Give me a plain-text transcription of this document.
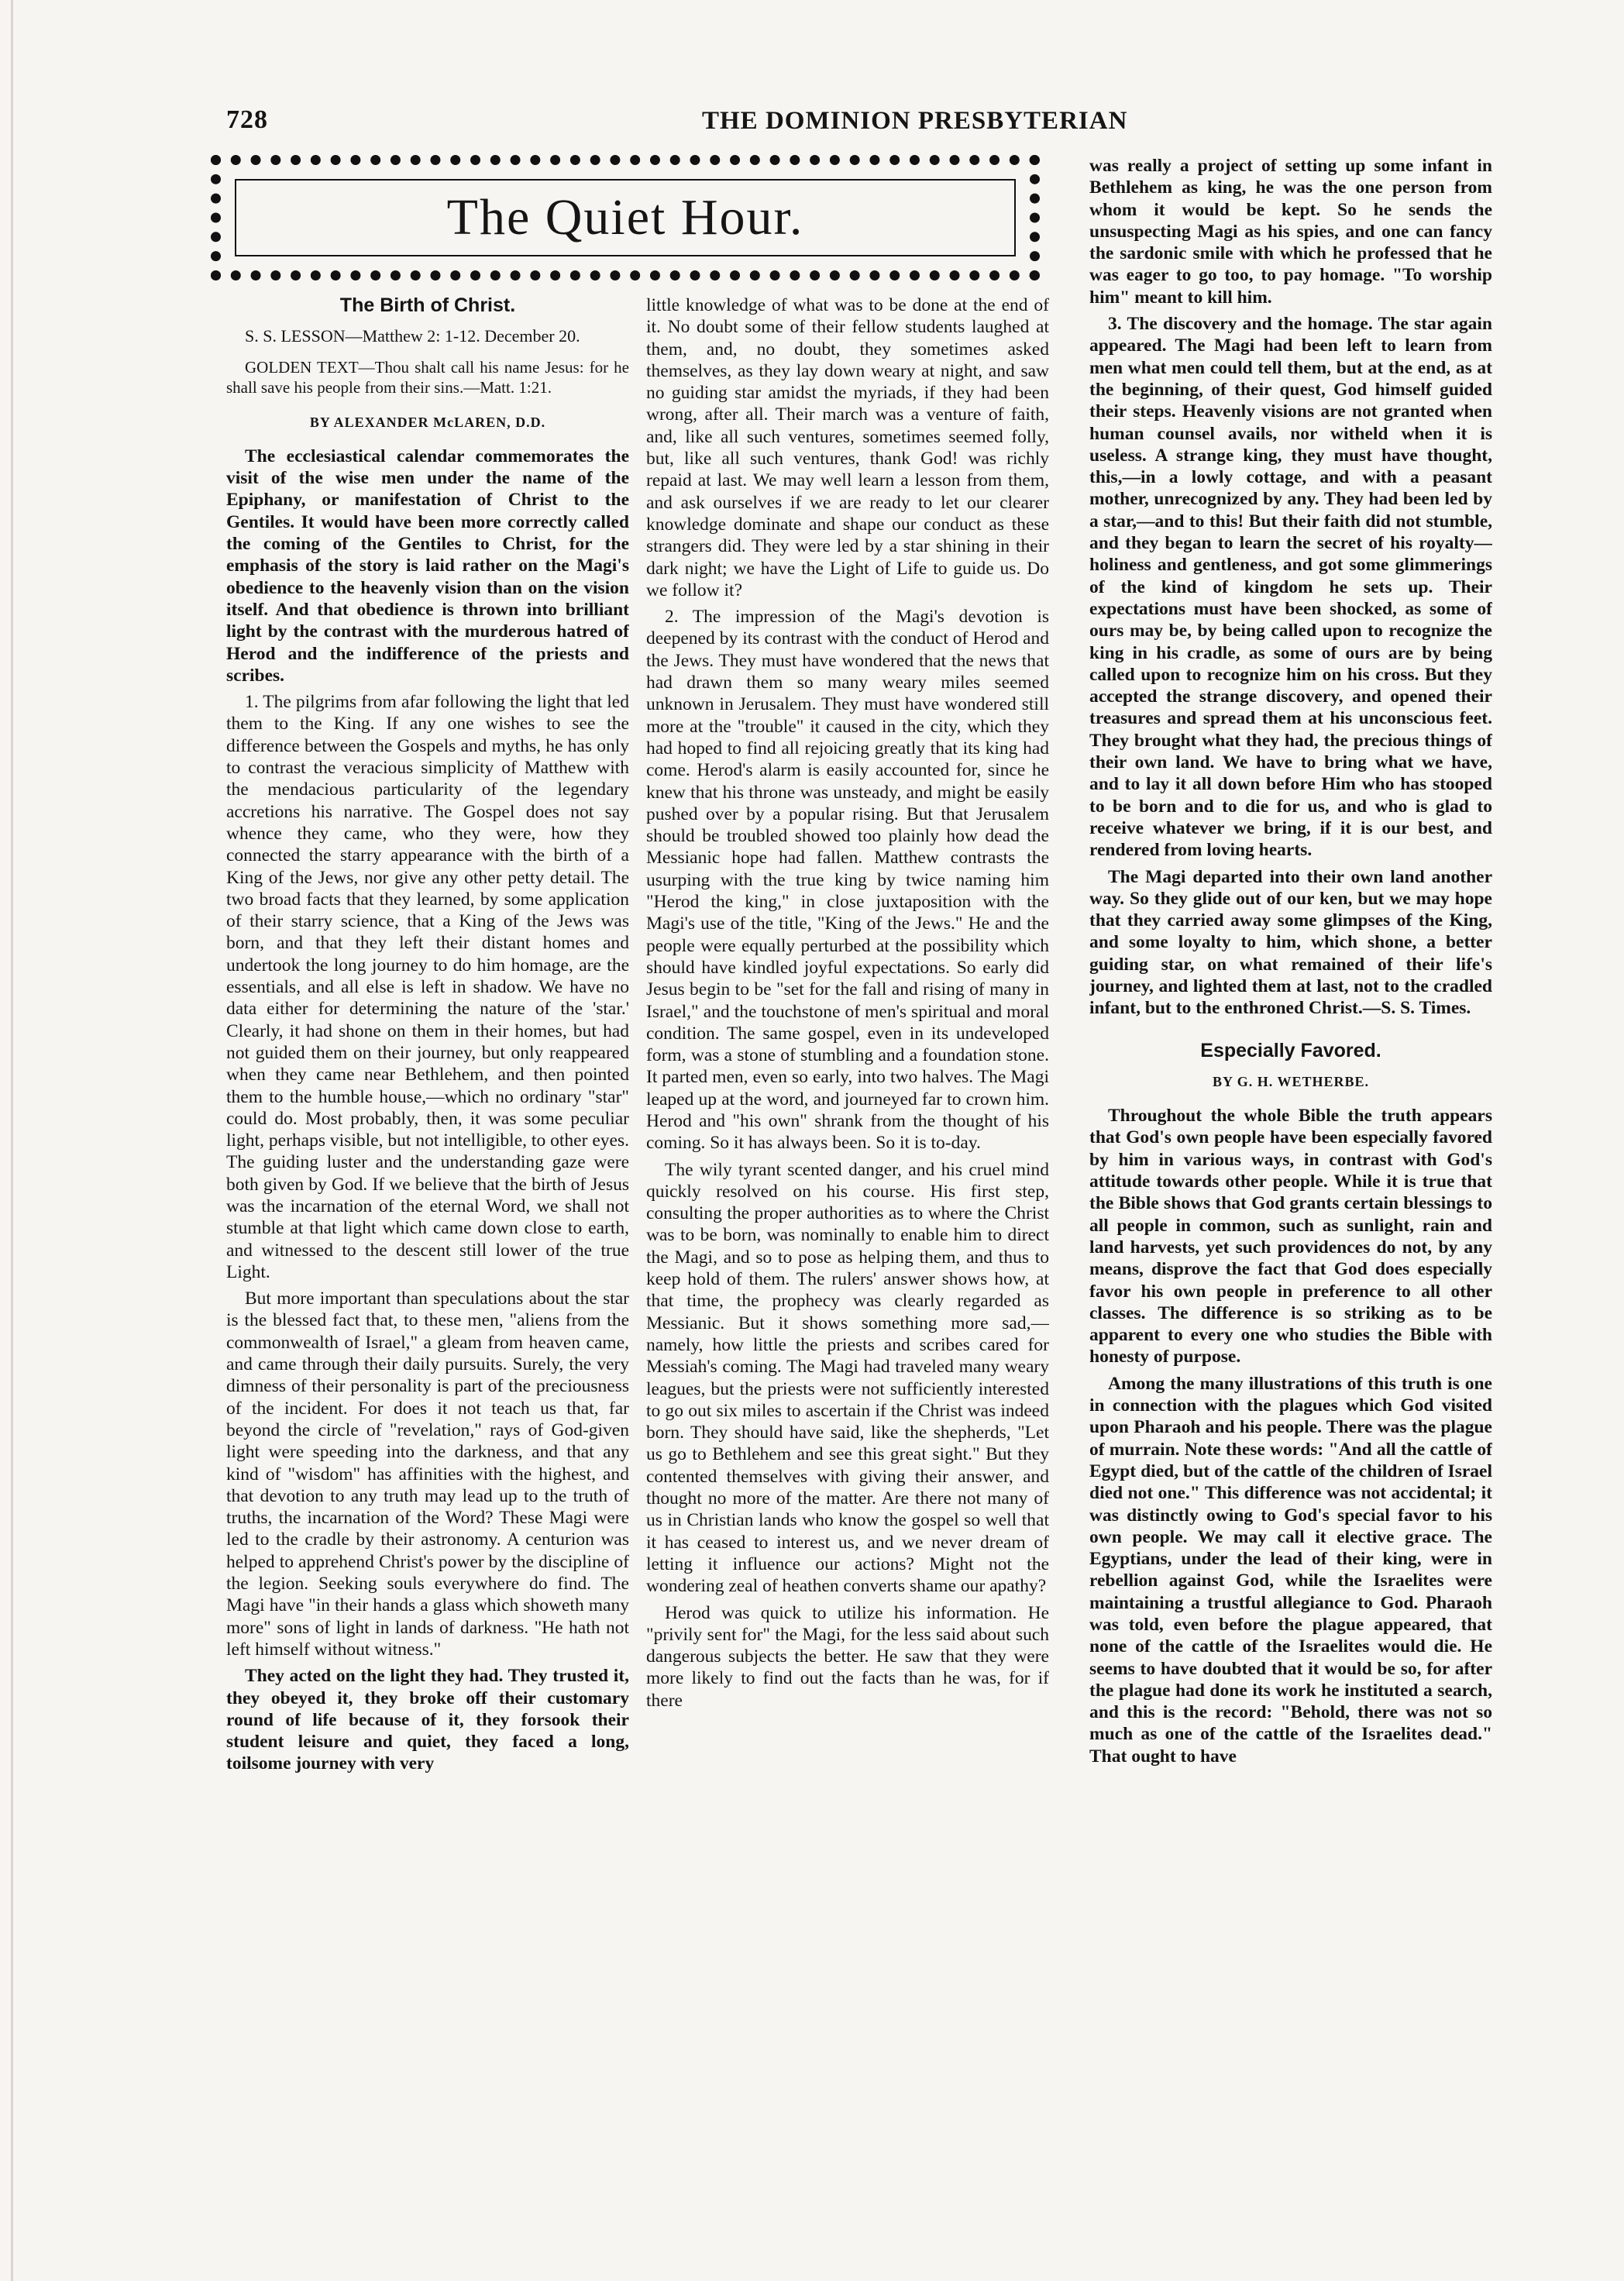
728	THE DOMINION PRESBYTERIAN
The Quiet Hour.
The Birth of Christ.

S. S. LESSON—Matthew 2: 1-12. December 20.

GOLDEN TEXT—Thou shalt call his name Jesus: for he shall save his people from their sins.—Matt. 1:21.

BY ALEXANDER McLAREN, D.D.

The ecclesiastical calendar commemorates the visit of the wise men under the name of the Epiphany, or manifestation of Christ to the Gentiles. It would have been more correctly called the coming of the Gentiles to Christ, for the emphasis of the story is laid rather on the Magi's obedience to the heavenly vision than on the vision itself. And that obedience is thrown into brilliant light by the contrast with the murderous hatred of Herod and the indifference of the priests and scribes.

1. The pilgrims from afar following the light that led them to the King. If any one wishes to see the difference between the Gospels and myths, he has only to contrast the veracious simplicity of Matthew with the mendacious particularity of the legendary accretions his narrative. The Gospel does not say whence they came, who they were, how they connected the starry appearance with the birth of a King of the Jews, nor give any other petty detail. The two broad facts that they learned, by some application of their starry science, that a King of the Jews was born, and that they left their distant homes and undertook the long journey to do him homage, are the essentials, and all else is left in shadow. We have no data either for determining the nature of the 'star.' Clearly, it had shone on them in their homes, but had not guided them on their journey, but only reappeared when they came near Bethlehem, and then pointed them to the humble house,—which no ordinary "star" could do. Most probably, then, it was some peculiar light, perhaps visible, but not intelligible, to other eyes. The guiding luster and the understanding gaze were both given by God. If we believe that the birth of Jesus was the incarnation of the eternal Word, we shall not stumble at that light which came down close to earth, and witnessed to the descent still lower of the true Light.

But more important than speculations about the star is the blessed fact that, to these men, "aliens from the commonwealth of Israel," a gleam from heaven came, and came through their daily pursuits. Surely, the very dimness of their personality is part of the preciousness of the incident. For does it not teach us that, far beyond the circle of "revelation," rays of God-given light were speeding into the darkness, and that any kind of "wisdom" has affinities with the highest, and that devotion to any truth may lead up to the truth of truths, the incarnation of the Word? These Magi were led to the cradle by their astronomy. A centurion was helped to apprehend Christ's power by the discipline of the legion. Seeking souls everywhere do find. The Magi have "in their hands a glass which showeth many more" sons of light in lands of darkness. "He hath not left himself without witness."

They acted on the light they had. They trusted it, they obeyed it, they broke off their customary round of life because of it, they forsook their student leisure and quiet, they faced a long, toilsome journey with very

little knowledge of what was to be done at the end of it. No doubt some of their fellow students laughed at them, and, no doubt, they sometimes asked themselves, as they lay down weary at night, and saw no guiding star amidst the myriads, if they had been wrong, after all. Their march was a venture of faith, and, like all such ventures, sometimes seemed folly, but, like all such ventures, thank God! was richly repaid at last. We may well learn a lesson from them, and ask ourselves if we are ready to let our clearer knowledge dominate and shape our conduct as these strangers did. They were led by a star shining in their dark night; we have the Light of Life to guide us. Do we follow it?

2. The impression of the Magi's devotion is deepened by its contrast with the conduct of Herod and the Jews. They must have wondered that the news that had drawn them so many weary miles seemed unknown in Jerusalem. They must have wondered still more at the "trouble" it caused in the city, which they had hoped to find all rejoicing greatly that its king had come. Herod's alarm is easily accounted for, since he knew that his throne was unsteady, and might be easily pushed over by a popular rising. But that Jerusalem should be troubled showed too plainly how dead the Messianic hope had fallen. Matthew contrasts the usurping with the true king by twice naming him "Herod the king," in close juxtaposition with the Magi's use of the title, "King of the Jews." He and the people were equally perturbed at the possibility which should have kindled joyful expectations. So early did Jesus begin to be "set for the fall and rising of many in Israel," and the touchstone of men's spiritual and moral condition. The same gospel, even in its undeveloped form, was a stone of stumbling and a foundation stone. It parted men, even so early, into two halves. The Magi leaped up at the word, and journeyed far to crown him. Herod and "his own" shrank from the thought of his coming. So it has always been. So it is to-day.

The wily tyrant scented danger, and his cruel mind quickly resolved on his course. His first step, consulting the proper authorities as to where the Christ was to be born, was nominally to enable him to direct the Magi, and so to pose as helping them, and thus to keep hold of them. The rulers' answer shows how, at that time, the prophecy was clearly regarded as Messianic. But it shows something more sad,—namely, how little the priests and scribes cared for Messiah's coming. The Magi had traveled many weary leagues, but the priests were not sufficiently interested to go out six miles to ascertain if the Christ was indeed born. They should have said, like the shepherds, "Let us go to Bethlehem and see this great sight." But they contented themselves with giving their answer, and thought no more of the matter. Are there not many of us in Christian lands who know the gospel so well that it has ceased to interest us, and we never dream of letting it influence our actions? Might not the wondering zeal of heathen converts shame our apathy?

Herod was quick to utilize his information. He "privily sent for" the Magi, for the less said about such dangerous subjects the better. He saw that they were more likely to find out the facts than he was, for if there

was really a project of setting up some infant in Bethlehem as king, he was the one person from whom it would be kept. So he sends the unsuspecting Magi as his spies, and one can fancy the sardonic smile with which he professed that he was eager to go too, to pay homage. "To worship him" meant to kill him.

3. The discovery and the homage. The star again appeared. The Magi had been left to learn from men what men could tell them, but at the end, as at the beginning, of their quest, God himself guided their steps. Heavenly visions are not granted when human counsel avails, nor witheld when it is useless. A strange king, they must have thought, this,—in a lowly cottage, and with a peasant mother, unrecognized by any. They had been led by a star,—and to this! But their faith did not stumble, and they began to learn the secret of his royalty—holiness and gentleness, and got some glimmerings of the kind of kingdom he sets up. Their expectations must have been shocked, as some of ours may be, by being called upon to recognize the king in his cradle, as some of ours are by being called upon to recognize him on his cross. But they accepted the strange discovery, and opened their treasures and spread them at his unconscious feet. They brought what they had, the precious things of their own land. We have to bring what we have, and to lay it all down before Him who has stooped to be born and to die for us, and who is glad to receive whatever we bring, if it is our best, and rendered from loving hearts.

The Magi departed into their own land another way. So they glide out of our ken, but we may hope that they carried away some glimpses of the King, and some loyalty to him, which shone, a better guiding star, on what remained of their life's journey, and lighted them at last, not to the cradled infant, but to the enthroned Christ.—S. S. Times.

Especially Favored.

BY G. H. WETHERBE.

Throughout the whole Bible the truth appears that God's own people have been especially favored by him in various ways, in contrast with God's attitude towards other people. While it is true that the Bible shows that God grants certain blessings to all people in common, such as sunlight, rain and land harvests, yet such providences do not, by any means, disprove the fact that God does especially favor his own people in preference to all other classes. The difference is so striking as to be apparent to every one who studies the Bible with honesty of purpose.

Among the many illustrations of this truth is one in connection with the plagues which God visited upon Pharaoh and his people. There was the plague of murrain. Note these words: "And all the cattle of Egypt died, but of the cattle of the children of Israel died not one." This difference was not accidental; it was distinctly owing to God's special favor to his own people. We may call it elective grace. The Egyptians, under the lead of their king, were in rebellion against God, while the Israelites were maintaining a trustful allegiance to God. Pharaoh was told, even before the plague appeared, that none of the cattle of the Israelites would die. He seems to have doubted that it would be so, for after the plague had done its work he instituted a search, and this is the record: "Behold, there was not so much as one of the cattle of the Israelites dead." That ought to have
